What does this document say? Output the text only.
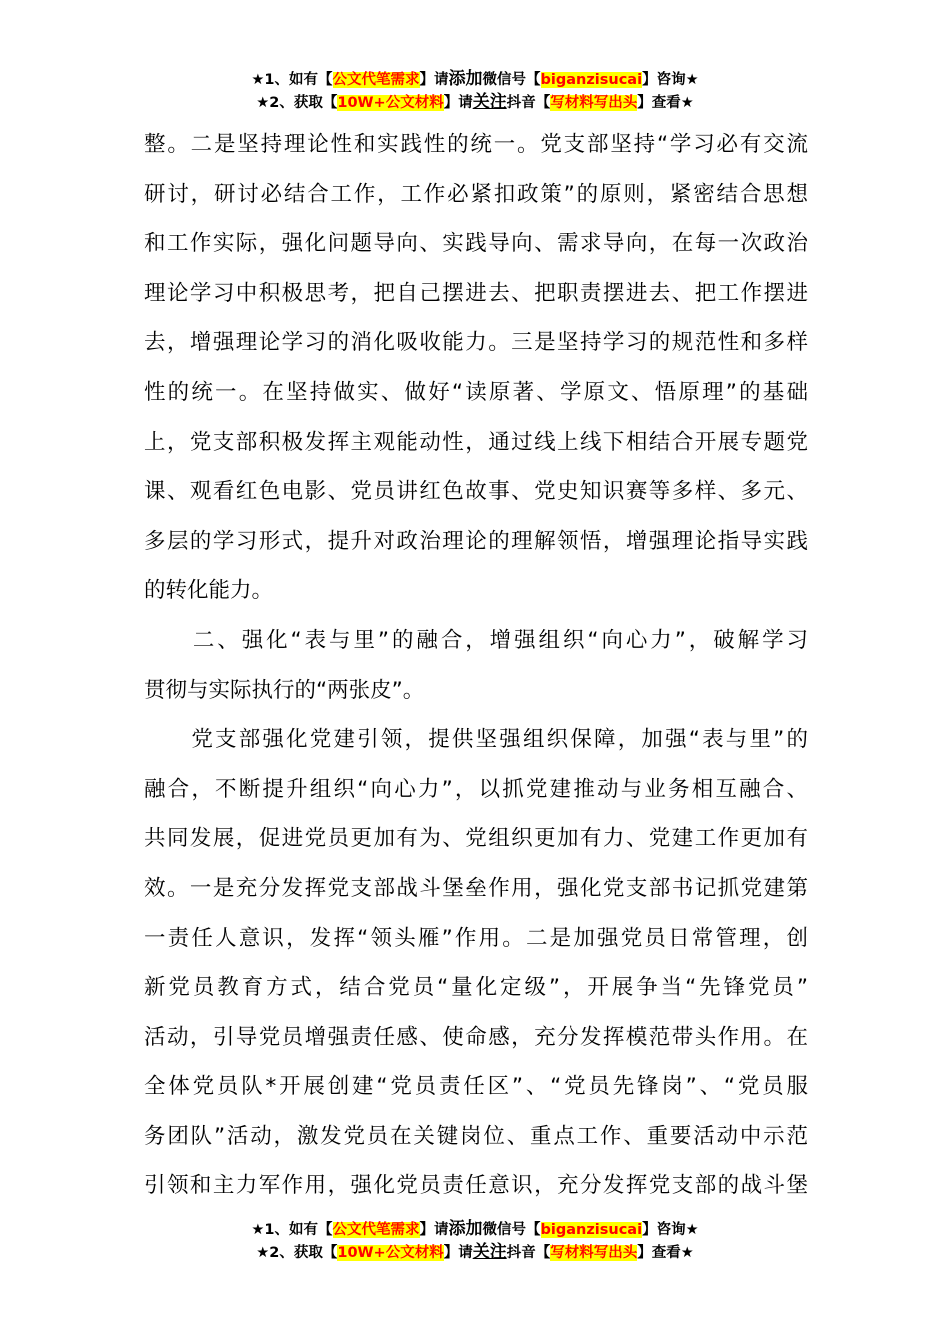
★1、如有【公文代笔需求】请添加微信号【biganzisucai】咨询★
★2、获取【10W+公文材料】请关注抖音【写材料写出头】查看★
整。二是坚持理论性和实践性的统一。党支部坚持“学习必有交流
研讨，研讨必结合工作，工作必紧扣政策”的原则，紧密结合思想
和工作实际，强化问题导向、实践导向、需求导向，在每一次政治
理论学习中积极思考，把自己摆进去、把职责摆进去、把工作摆进
去，增强理论学习的消化吸收能力。三是坚持学习的规范性和多样
性的统一。在坚持做实、做好“读原著、学原文、悟原理”的基础
上，党支部积极发挥主观能动性，通过线上线下相结合开展专题党
课、观看红色电影、党员讲红色故事、党史知识赛等多样、多元、
多层的学习形式，提升对政治理论的理解领悟，增强理论指导实践
的转化能力。
　　二、强化“表与里”的融合，增强组织“向心力”，破解学习
贯彻与实际执行的“两张皮”。
　　党支部强化党建引领，提供坚强组织保障，加强“表与里”的
融合，不断提升组织“向心力”，以抓党建推动与业务相互融合、
共同发展，促进党员更加有为、党组织更加有力、党建工作更加有
效。一是充分发挥党支部战斗堡垒作用，强化党支部书记抓党建第
一责任人意识，发挥“领头雁”作用。二是加强党员日常管理，创
新党员教育方式，结合党员“量化定级”，开展争当“先锋党员”
活动，引导党员增强责任感、使命感，充分发挥模范带头作用。在
全体党员队*开展创建“党员责任区”、“党员先锋岗”、“党员服
务团队”活动，激发党员在关键岗位、重点工作、重要活动中示范
引领和主力军作用，强化党员责任意识，充分发挥党支部的战斗堡
★1、如有【公文代笔需求】请添加微信号【biganzisucai】咨询★
★2、获取【10W+公文材料】请关注抖音【写材料写出头】查看★
